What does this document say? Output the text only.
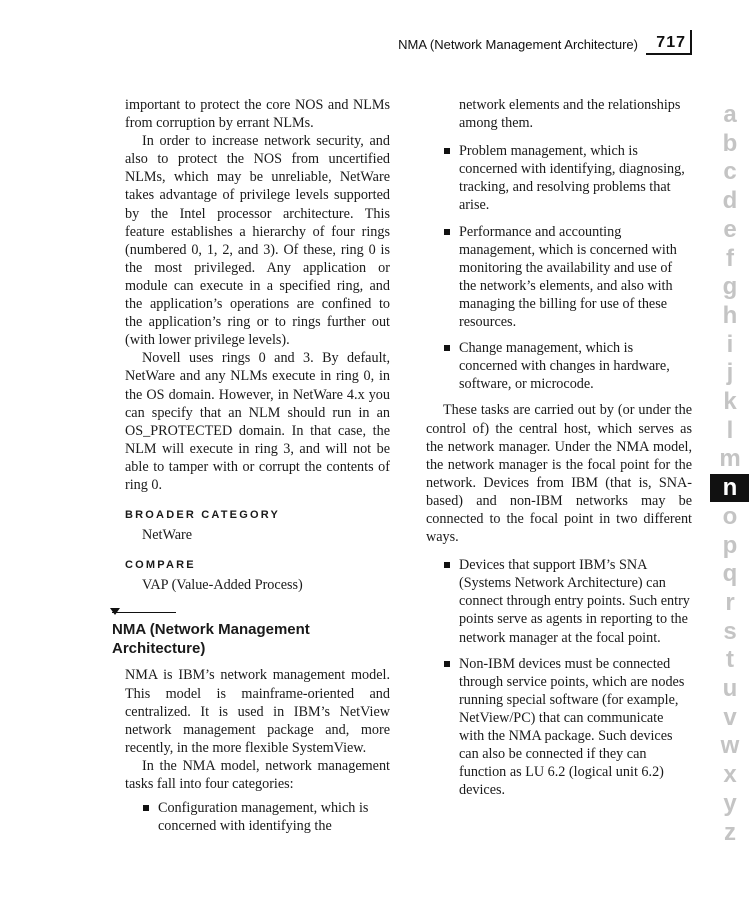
NMA (Network Management Architecture) 717

important to protect the core NOS and NLMs from corruption by errant NLMs.

In order to increase network security, and also to protect the NOS from uncertified NLMs, which may be unreliable, NetWare takes advantage of privilege levels supported by the Intel processor architecture. This feature establishes a hierarchy of four rings (numbered 0, 1, 2, and 3). Of these, ring 0 is the most privileged. Any application or module can execute in a specified ring, and the application’s operations are confined to the application’s ring or to rings further out (with lower privilege levels).

Novell uses rings 0 and 3. By default, NetWare and any NLMs execute in ring 0, in the OS domain. However, in NetWare 4.x you can specify that an NLM should run in an OS_PROTECTED domain. In that case, the NLM will execute in ring 3, and will not be able to tamper with or corrupt the contents of ring 0.

BROADER CATEGORY
NetWare
COMPARE
VAP (Value-Added Process)
NMA (Network Management Architecture)

NMA is IBM’s network management model. This model is mainframe-oriented and centralized. It is used in IBM’s NetView network management package and, more recently, in the more flexible SystemView.

In the NMA model, network management tasks fall into four categories:

Configuration management, which is concerned with identifying the
network elements and the relationships among them.
Problem management, which is concerned with identifying, diagnosing, tracking, and resolving problems that arise.
Performance and accounting management, which is concerned with monitoring the availability and use of the network’s elements, and also with managing the billing for use of these resources.
Change management, which is concerned with changes in hardware, software, or microcode.

These tasks are carried out by (or under the control of) the central host, which serves as the network manager. Under the NMA model, the network manager is the focal point for the network. Devices from IBM (that is, SNA-based) and non-IBM networks may be connected to the focal point in two different ways.

Devices that support IBM’s SNA (Systems Network Architecture) can connect through entry points. Such entry points serve as agents in reporting to the network manager at the focal point.
Non-IBM devices must be connected through service points, which are nodes running special software (for example, NetView/PC) that can communicate with the NMA package. Such devices can also be connected if they can function as LU 6.2 (logical unit 6.2) devices.
a
b
c
d
e
f
g
h
i
j
k
l
m
n
o
p
q
r
s
t
u
v
w
x
y
z
